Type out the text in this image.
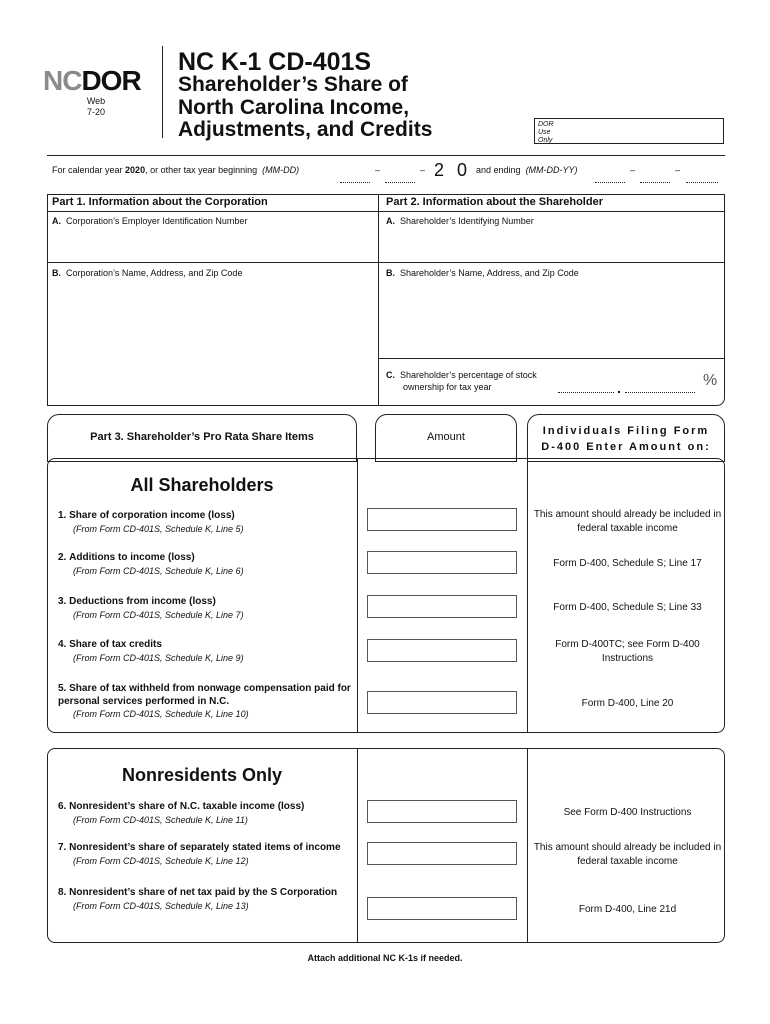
NCDOR
Web
7-20
NC K-1 CD-401S
Shareholder’s Share of
North Carolina Income,
Adjustments, and Credits	DOR
Use
Only
For calendar year 2020, or other tax year beginning (MM-DD)	–	– 2 0 and ending (MM-DD-YY)	–	–
Part 1. Information about the Corporation	Part 2. Information about the Shareholder
A. Corporation’s Employer Identification Number	A. Shareholder’s Identifying Number
B. Corporation’s Name, Address, and Zip Code	B. Shareholder’s Name, Address, and Zip Code
C. Shareholder’s percentage of stock
ownership for tax year	.	%
Part 3. Shareholder’s Pro Rata Share Items	Amount	Individuals Filing Form
D-400 Enter Amount on:
All Shareholders
1. Share of corporation income (loss)
(From Form CD-401S, Schedule K, Line 5)
This amount should already be included in federal taxable income
2. Additions to income (loss)
(From Form CD-401S, Schedule K, Line 6)
Form D-400, Schedule S; Line 17
3. Deductions from income (loss)
(From Form CD-401S, Schedule K, Line 7)
Form D-400, Schedule S; Line 33
4. Share of tax credits
(From Form CD-401S, Schedule K, Line 9)
Form D-400TC; see Form D-400 Instructions
5. Share of tax withheld from nonwage compensation paid for personal services performed in N.C.
(From Form CD-401S, Schedule K, Line 10)
Form D-400, Line 20
Nonresidents Only
6. Nonresident’s share of N.C. taxable income (loss)
(From Form CD-401S, Schedule K, Line 11)
See Form D-400 Instructions
7. Nonresident’s share of separately stated items of income
(From Form CD-401S, Schedule K, Line 12)
This amount should already be included in federal taxable income
8. Nonresident’s share of net tax paid by the S Corporation
(From Form CD-401S, Schedule K, Line 13)	Form D-400, Line 21d
Attach additional NC K-1s if needed.
